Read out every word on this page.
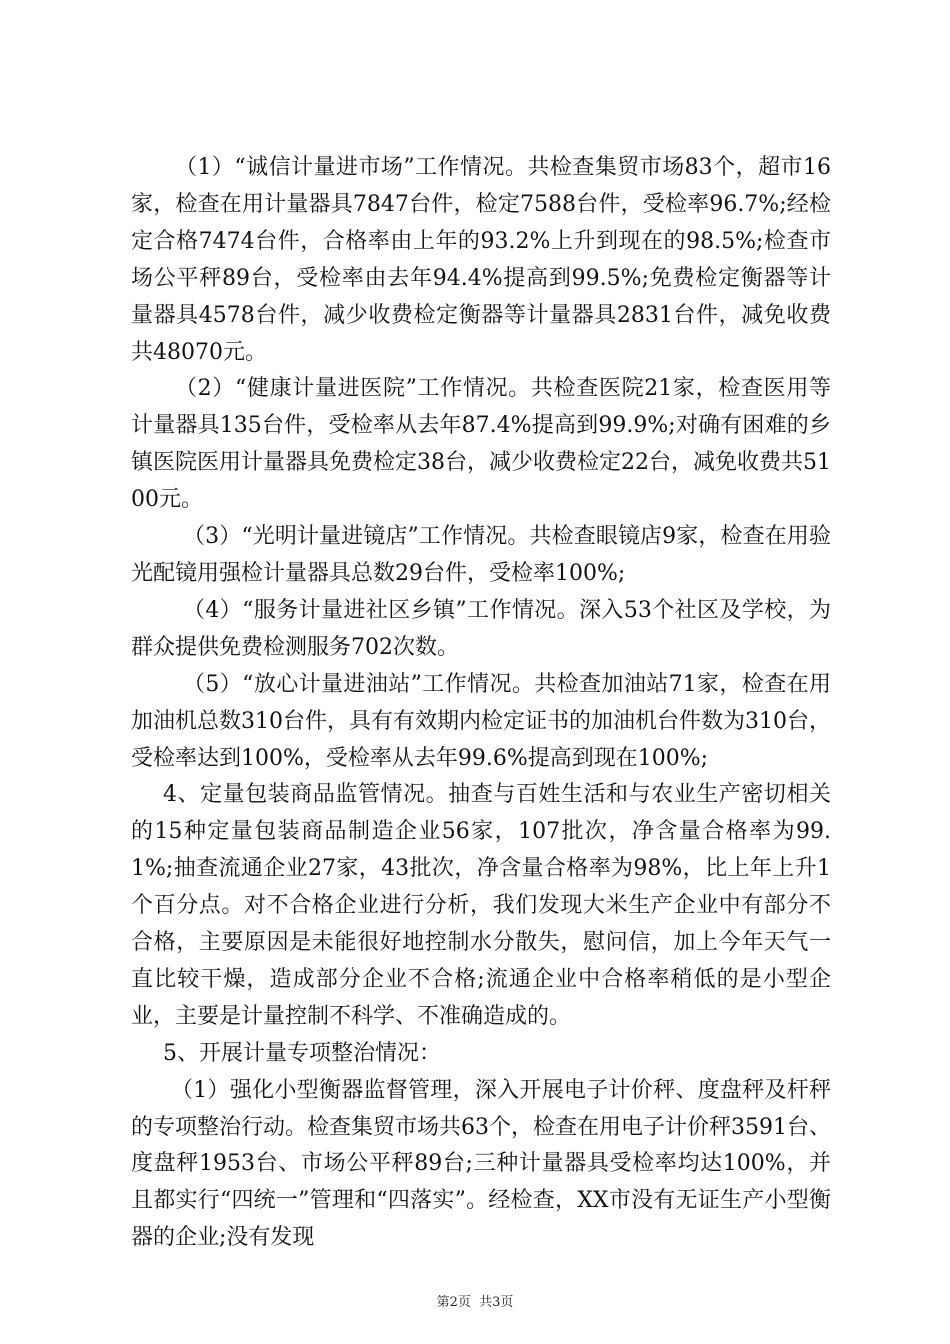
（1）“诚信计量进市场”工作情况。共检查集贸市场83个，超市16家，检查在用计量器具7847台件，检定7588台件，受检率96.7%;经检定合格7474台件，合格率由上年的93.2%上升到现在的98.5%;检查市场公平秤89台，受检率由去年94.4%提高到99.5%;免费检定衡器等计量器具4578台件，减少收费检定衡器等计量器具2831台件，减免收费共48070元。

（2）“健康计量进医院”工作情况。共检查医院21家，检查医用等计量器具135台件，受检率从去年87.4%提高到99.9%;对确有困难的乡镇医院医用计量器具免费检定38台，减少收费检定22台，减免收费共5100元。

（3）“光明计量进镜店”工作情况。共检查眼镜店9家，检查在用验光配镜用强检计量器具总数29台件，受检率100%;

（4）“服务计量进社区乡镇”工作情况。深入53个社区及学校，为群众提供免费检测服务702次数。

（5）“放心计量进油站”工作情况。共检查加油站71家，检查在用加油机总数310台件，具有有效期内检定证书的加油机台件数为310台，受检率达到100%，受检率从去年99.6%提高到现在100%;

4、定量包装商品监管情况。抽查与百姓生活和与农业生产密切相关的15种定量包装商品制造企业56家，107批次，净含量合格率为99.1%;抽查流通企业27家，43批次，净含量合格率为98%，比上年上升1个百分点。对不合格企业进行分析，我们发现大米生产企业中有部分不合格，主要原因是未能很好地控制水分散失，慰问信，加上今年天气一直比较干燥，造成部分企业不合格;流通企业中合格率稍低的是小型企业，主要是计量控制不科学、不准确造成的。

5、开展计量专项整治情况：

（1）强化小型衡器监督管理，深入开展电子计价秤、度盘秤及杆秤的专项整治行动。检查集贸市场共63个，检查在用电子计价秤3591台、度盘秤1953台、市场公平秤89台;三种计量器具受检率均达100%，并且都实行“四统一”管理和“四落实”。经检查，XX市没有无证生产小型衡器的企业;没有发现

第2页 共3页
